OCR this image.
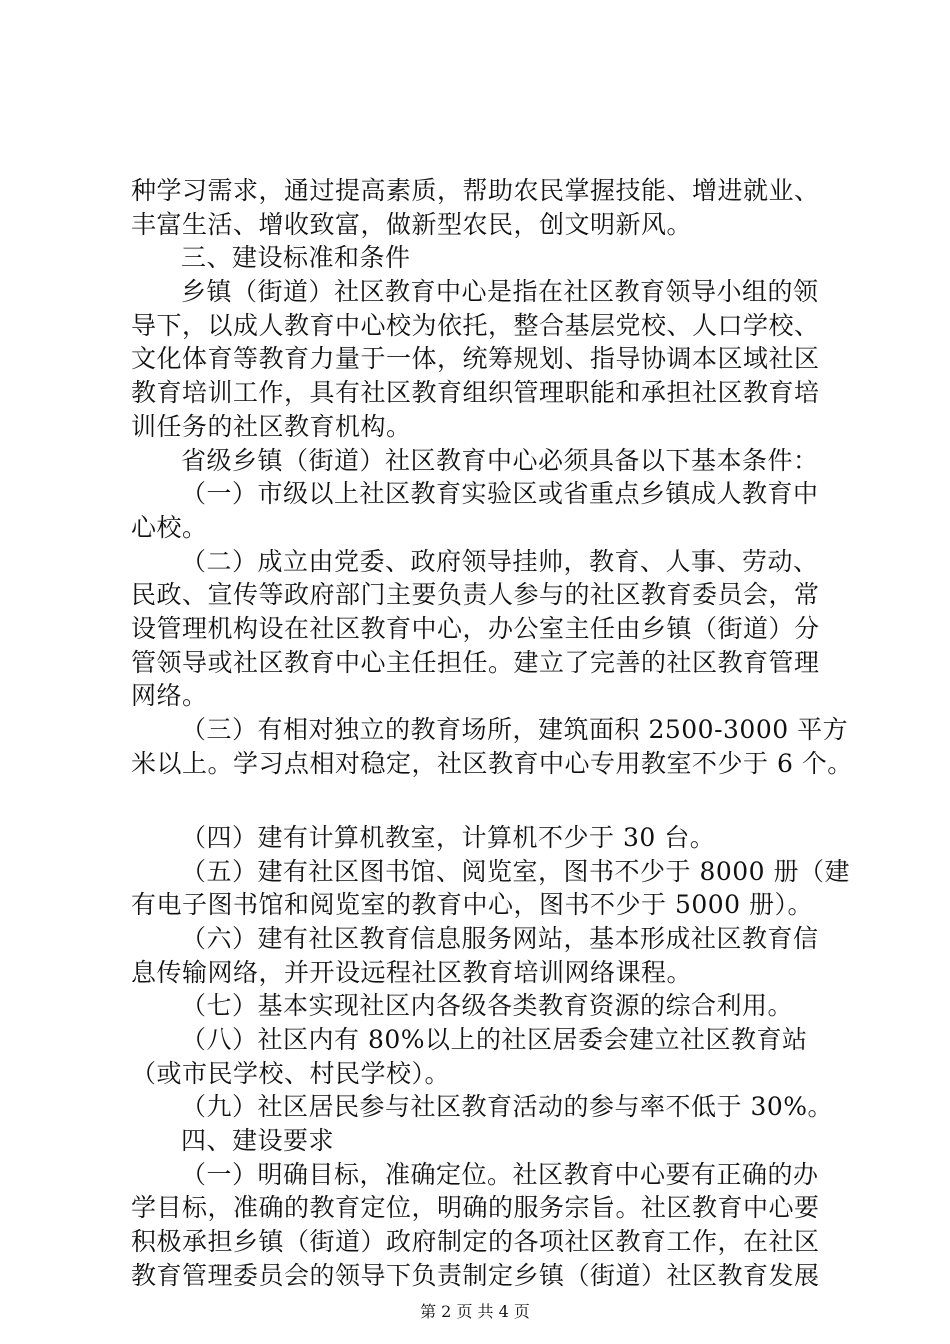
种学习需求，通过提高素质，帮助农民掌握技能、增进就业、
丰富生活、增收致富，做新型农民，创文明新风。
三、建设标准和条件
乡镇（街道）社区教育中心是指在社区教育领导小组的领
导下，以成人教育中心校为依托，整合基层党校、人口学校、
文化体育等教育力量于一体，统筹规划、指导协调本区域社区
教育培训工作，具有社区教育组织管理职能和承担社区教育培
训任务的社区教育机构。
省级乡镇（街道）社区教育中心必须具备以下基本条件：
（一）市级以上社区教育实验区或省重点乡镇成人教育中
心校。
（二）成立由党委、政府领导挂帅，教育、人事、劳动、
民政、宣传等政府部门主要负责人参与的社区教育委员会，常
设管理机构设在社区教育中心，办公室主任由乡镇（街道）分
管领导或社区教育中心主任担任。建立了完善的社区教育管理
网络。
（三）有相对独立的教育场所，建筑面积 2500-3000 平方
米以上。学习点相对稳定，社区教育中心专用教室不少于 6 个。
（四）建有计算机教室，计算机不少于 30 台。
（五）建有社区图书馆、阅览室，图书不少于 8000 册（建
有电子图书馆和阅览室的教育中心，图书不少于 5000 册）。
（六）建有社区教育信息服务网站，基本形成社区教育信
息传输网络，并开设远程社区教育培训网络课程。
（七）基本实现社区内各级各类教育资源的综合利用。
（八）社区内有 80%以上的社区居委会建立社区教育站
（或市民学校、村民学校）。
（九）社区居民参与社区教育活动的参与率不低于 30%。
四、建设要求
（一）明确目标，准确定位。社区教育中心要有正确的办
学目标，准确的教育定位，明确的服务宗旨。社区教育中心要
积极承担乡镇（街道）政府制定的各项社区教育工作，在社区
教育管理委员会的领导下负责制定乡镇（街道）社区教育发展
第 2 页 共 4 页
